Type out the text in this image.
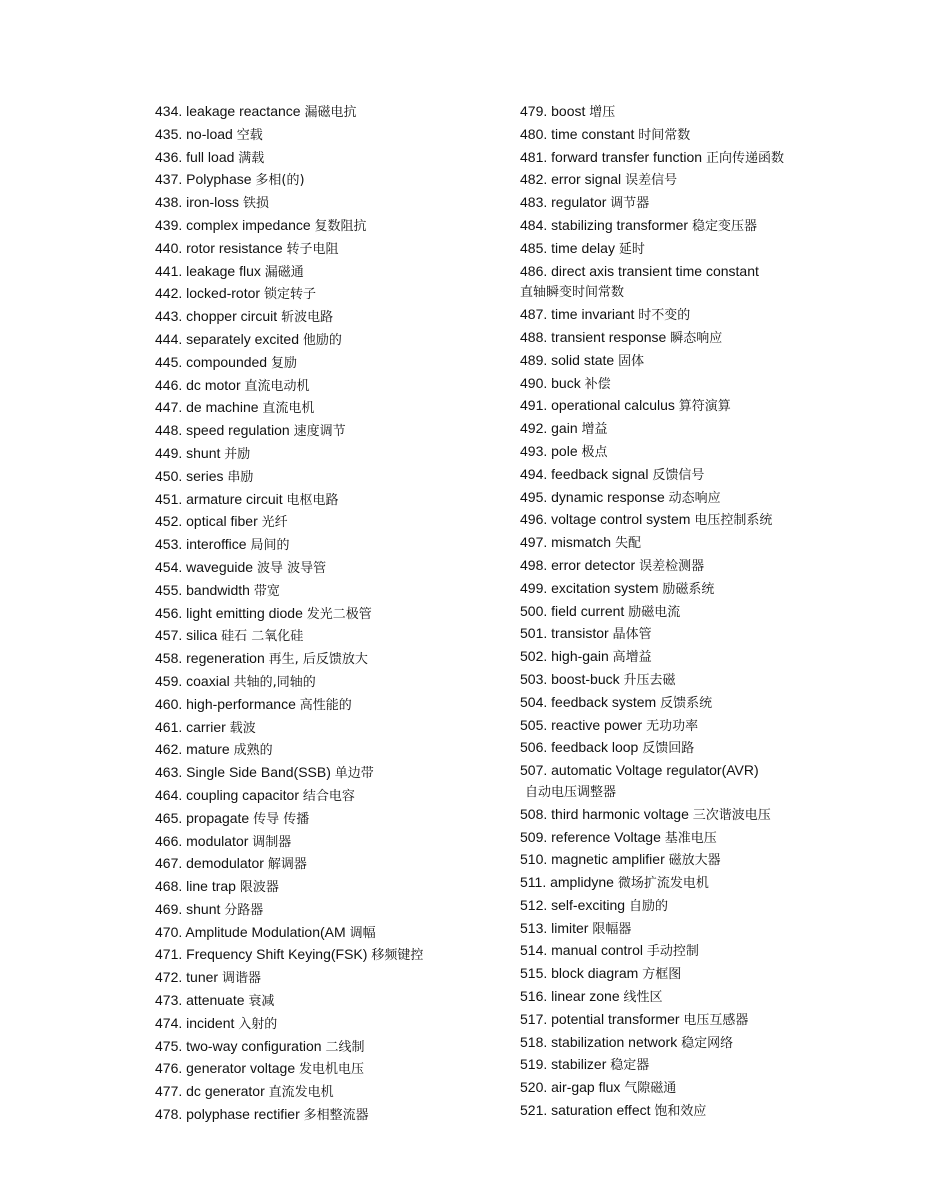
434. leakage reactance 漏磁电抗
435. no-load 空载
436. full load 满载
437. Polyphase 多相(的)
438. iron-loss 铁损
439. complex impedance 复数阻抗
440. rotor resistance 转子电阻
441. leakage flux 漏磁通
442. locked-rotor 锁定转子
443. chopper circuit 斩波电路
444. separately excited 他励的
445. compounded 复励
446. dc motor 直流电动机
447. de machine 直流电机
448. speed regulation 速度调节
449. shunt 并励
450. series 串励
451. armature circuit 电枢电路
452. optical fiber 光纤
453. interoffice 局间的
454. waveguide 波导 波导管
455. bandwidth 带宽
456. light emitting diode 发光二极管
457. silica 硅石 二氧化硅
458. regeneration 再生, 后反馈放大
459. coaxial 共轴的,同轴的
460. high-performance 高性能的
461. carrier 载波
462. mature 成熟的
463. Single Side Band(SSB) 单边带
464. coupling capacitor 结合电容
465. propagate 传导 传播
466. modulator 调制器
467. demodulator 解调器
468. line trap 限波器
469. shunt 分路器
470. Amplitude Modulation(AM 调幅
471. Frequency Shift Keying(FSK) 移频键控
472. tuner 调谐器
473. attenuate 衰减
474. incident 入射的
475. two-way configuration 二线制
476. generator voltage 发电机电压
477. dc generator 直流发电机
478. polyphase rectifier 多相整流器
479. boost 增压
480. time constant 时间常数
481. forward transfer function 正向传递函数
482. error signal 误差信号
483. regulator 调节器
484. stabilizing transformer 稳定变压器
485. time delay 延时
486. direct axis transient time constant
直轴瞬变时间常数
487. time invariant 时不变的
488. transient response 瞬态响应
489. solid state 固体
490. buck 补偿
491. operational calculus 算符演算
492. gain 增益
493. pole 极点
494. feedback signal 反馈信号
495. dynamic response 动态响应
496. voltage control system 电压控制系统
497. mismatch 失配
498. error detector 误差检测器
499. excitation system 励磁系统
500. field current 励磁电流
501. transistor 晶体管
502. high-gain 高增益
503. boost-buck 升压去磁
504. feedback system 反馈系统
505. reactive power 无功功率
506. feedback loop 反馈回路
507. automatic Voltage regulator(AVR)
自动电压调整器
508. third harmonic voltage 三次谐波电压
509. reference Voltage 基准电压
510. magnetic amplifier 磁放大器
511. amplidyne 微场扩流发电机
512. self-exciting 自励的
513. limiter 限幅器
514. manual control 手动控制
515. block diagram 方框图
516. linear zone 线性区
517. potential transformer 电压互感器
518. stabilization network 稳定网络
519. stabilizer 稳定器
520. air-gap flux 气隙磁通
521. saturation effect 饱和效应
